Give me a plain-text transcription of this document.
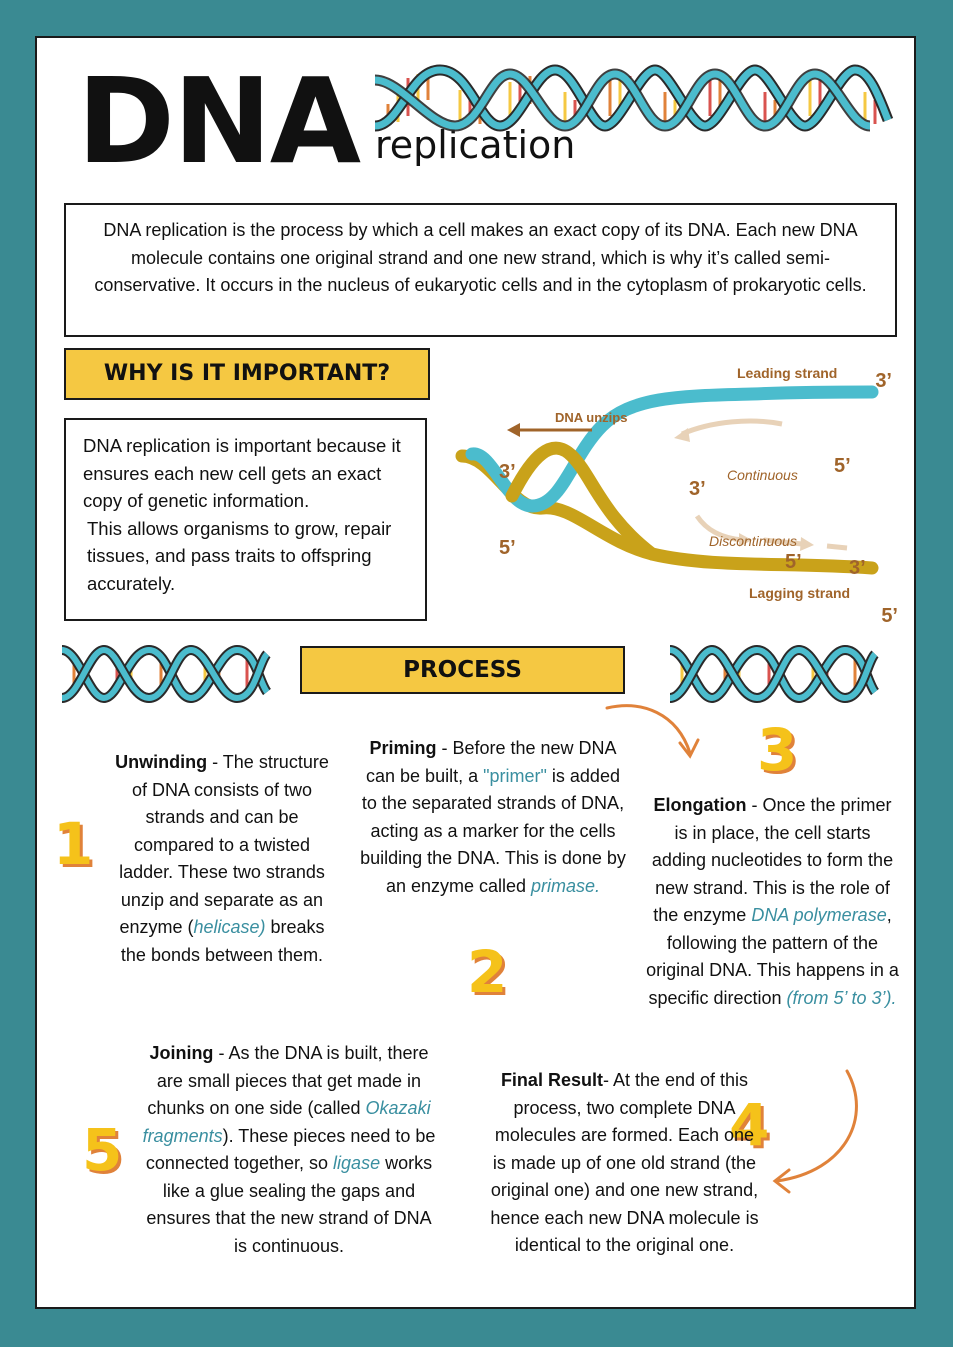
DNA replication
DNA replication is the process by which a cell makes an exact copy of its DNA. Each new DNA molecule contains one original strand and one new strand, which is why it’s called semi-conservative. It occurs in the nucleus of eukaryotic cells and in the cytoplasm of prokaryotic cells.
WHY IS IT IMPORTANT?
DNA replication is important because it ensures each new cell gets an exact copy of genetic information.
This allows organisms to grow, repair tissues, and pass traits to offspring accurately.
Leading strand
DNA unzips
Lagging strand
3’
5’
3’
3’
5’
5’ 3’
5’
Continuous
Discontinuous
PROCESS
1
2
3
4
5
Unwinding - The structure of DNA consists of two strands and can be compared to a twisted ladder. These two strands unzip and separate as an enzyme (helicase) breaks the bonds between them.
Priming - Before the new DNA can be built, a "primer" is added to the separated strands of DNA, acting as a marker for the cells building the DNA. This is done by an enzyme called primase.
Elongation - Once the primer is in place, the cell starts adding nucleotides to form the new strand. This is the role of the enzyme DNA polymerase, following the pattern of the original DNA. This happens in a specific direction (from 5’ to 3’).
Joining - As the DNA is built, there are small pieces that get made in chunks on one side (called Okazaki fragments). These pieces need to be connected together, so ligase works like a glue sealing the gaps and ensures that the new strand of DNA is continuous.
Final Result- At the end of this process, two complete DNA molecules are formed. Each one is made up of one old strand (the original one) and one new strand, hence each new DNA molecule is identical to the original one.
